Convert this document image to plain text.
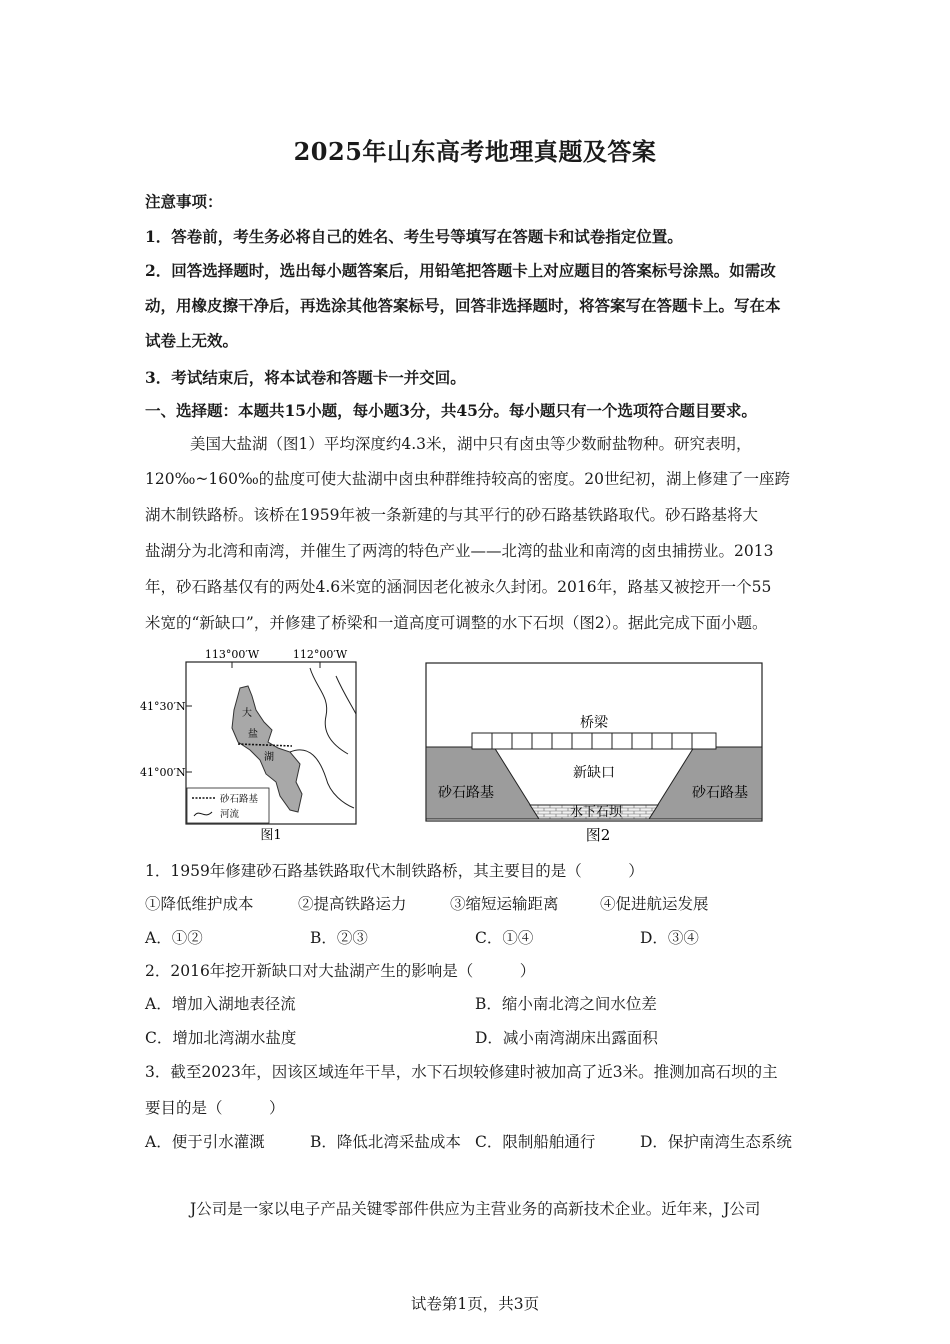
2025年山东高考地理真题及答案
注意事项：
1．答卷前，考生务必将自己的姓名、考生号等填写在答题卡和试卷指定位置。
2．回答选择题时，选出每小题答案后，用铅笔把答题卡上对应题目的答案标号涂黑。如需改
动，用橡皮擦干净后，再选涂其他答案标号，回答非选择题时，将答案写在答题卡上。写在本
试卷上无效。
3．考试结束后，将本试卷和答题卡一并交回。
一、选择题：本题共15小题，每小题3分，共45分。每小题只有一个选项符合题目要求。
美国大盐湖（图1）平均深度约4.3米，湖中只有卤虫等少数耐盐物种。研究表明，
120‰~160‰的盐度可使大盐湖中卤虫种群维持较高的密度。20世纪初，湖上修建了一座跨
湖木制铁路桥。该桥在1959年被一条新建的与其平行的砂石路基铁路取代。砂石路基将大
盐湖分为北湾和南湾，并催生了两湾的特色产业——北湾的盐业和南湾的卤虫捕捞业。2013
年，砂石路基仅有的两处4.6米宽的涵洞因老化被永久封闭。2016年，路基又被挖开一个55
米宽的“新缺口”，并修建了桥梁和一道高度可调整的水下石坝（图2）。据此完成下面小题。
113°00′W	112°00′W
41°30′N
41°00′N
大
盐
湖
砂石路基
河流
图1
桥梁
新缺口
砂石路基	砂石路基
水下石坝
图2
1．1959年修建砂石路基铁路取代木制铁路桥，其主要目的是（　　　）
①降低维护成本	②提高铁路运力	③缩短运输距离	④促进航运发展
A．①②	B．②③	C．①④	D．③④
2．2016年挖开新缺口对大盐湖产生的影响是（　　　）
A．增加入湖地表径流	B．缩小南北湾之间水位差
C．增加北湾湖水盐度	D．减小南湾湖床出露面积
3．截至2023年，因该区域连年干旱，水下石坝较修建时被加高了近3米。推测加高石坝的主
要目的是（　　　）
A．便于引水灌溉	B．降低北湾采盐成本 C．限制船舶通行	D．保护南湾生态系统
J公司是一家以电子产品关键零部件供应为主营业务的高新技术企业。近年来，J公司
试卷第1页，共3页
